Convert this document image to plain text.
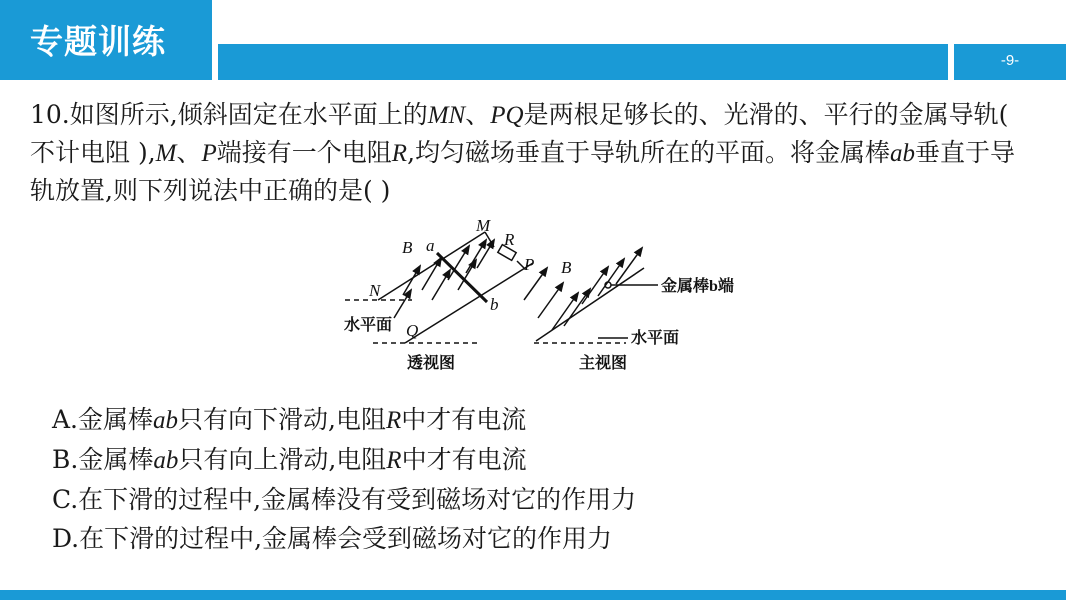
专题训练	-9-
10.如图所示,倾斜固定在水平面上的MN、PQ是两根足够长的、光滑的、平行的金属导轨( 不计电阻 ),M、P端接有一个电阻R,均匀磁场垂直于导轨所在的平面。将金属棒ab垂直于导轨放置,则下列说法中正确的是( )
M
R
P
B a
N
b
Q
水平面
透视图
B
金属棒b端
水平面
主视图
A.金属棒ab只有向下滑动,电阻R中才有电流
B.金属棒ab只有向上滑动,电阻R中才有电流
C.在下滑的过程中,金属棒没有受到磁场对它的作用力
D.在下滑的过程中,金属棒会受到磁场对它的作用力
